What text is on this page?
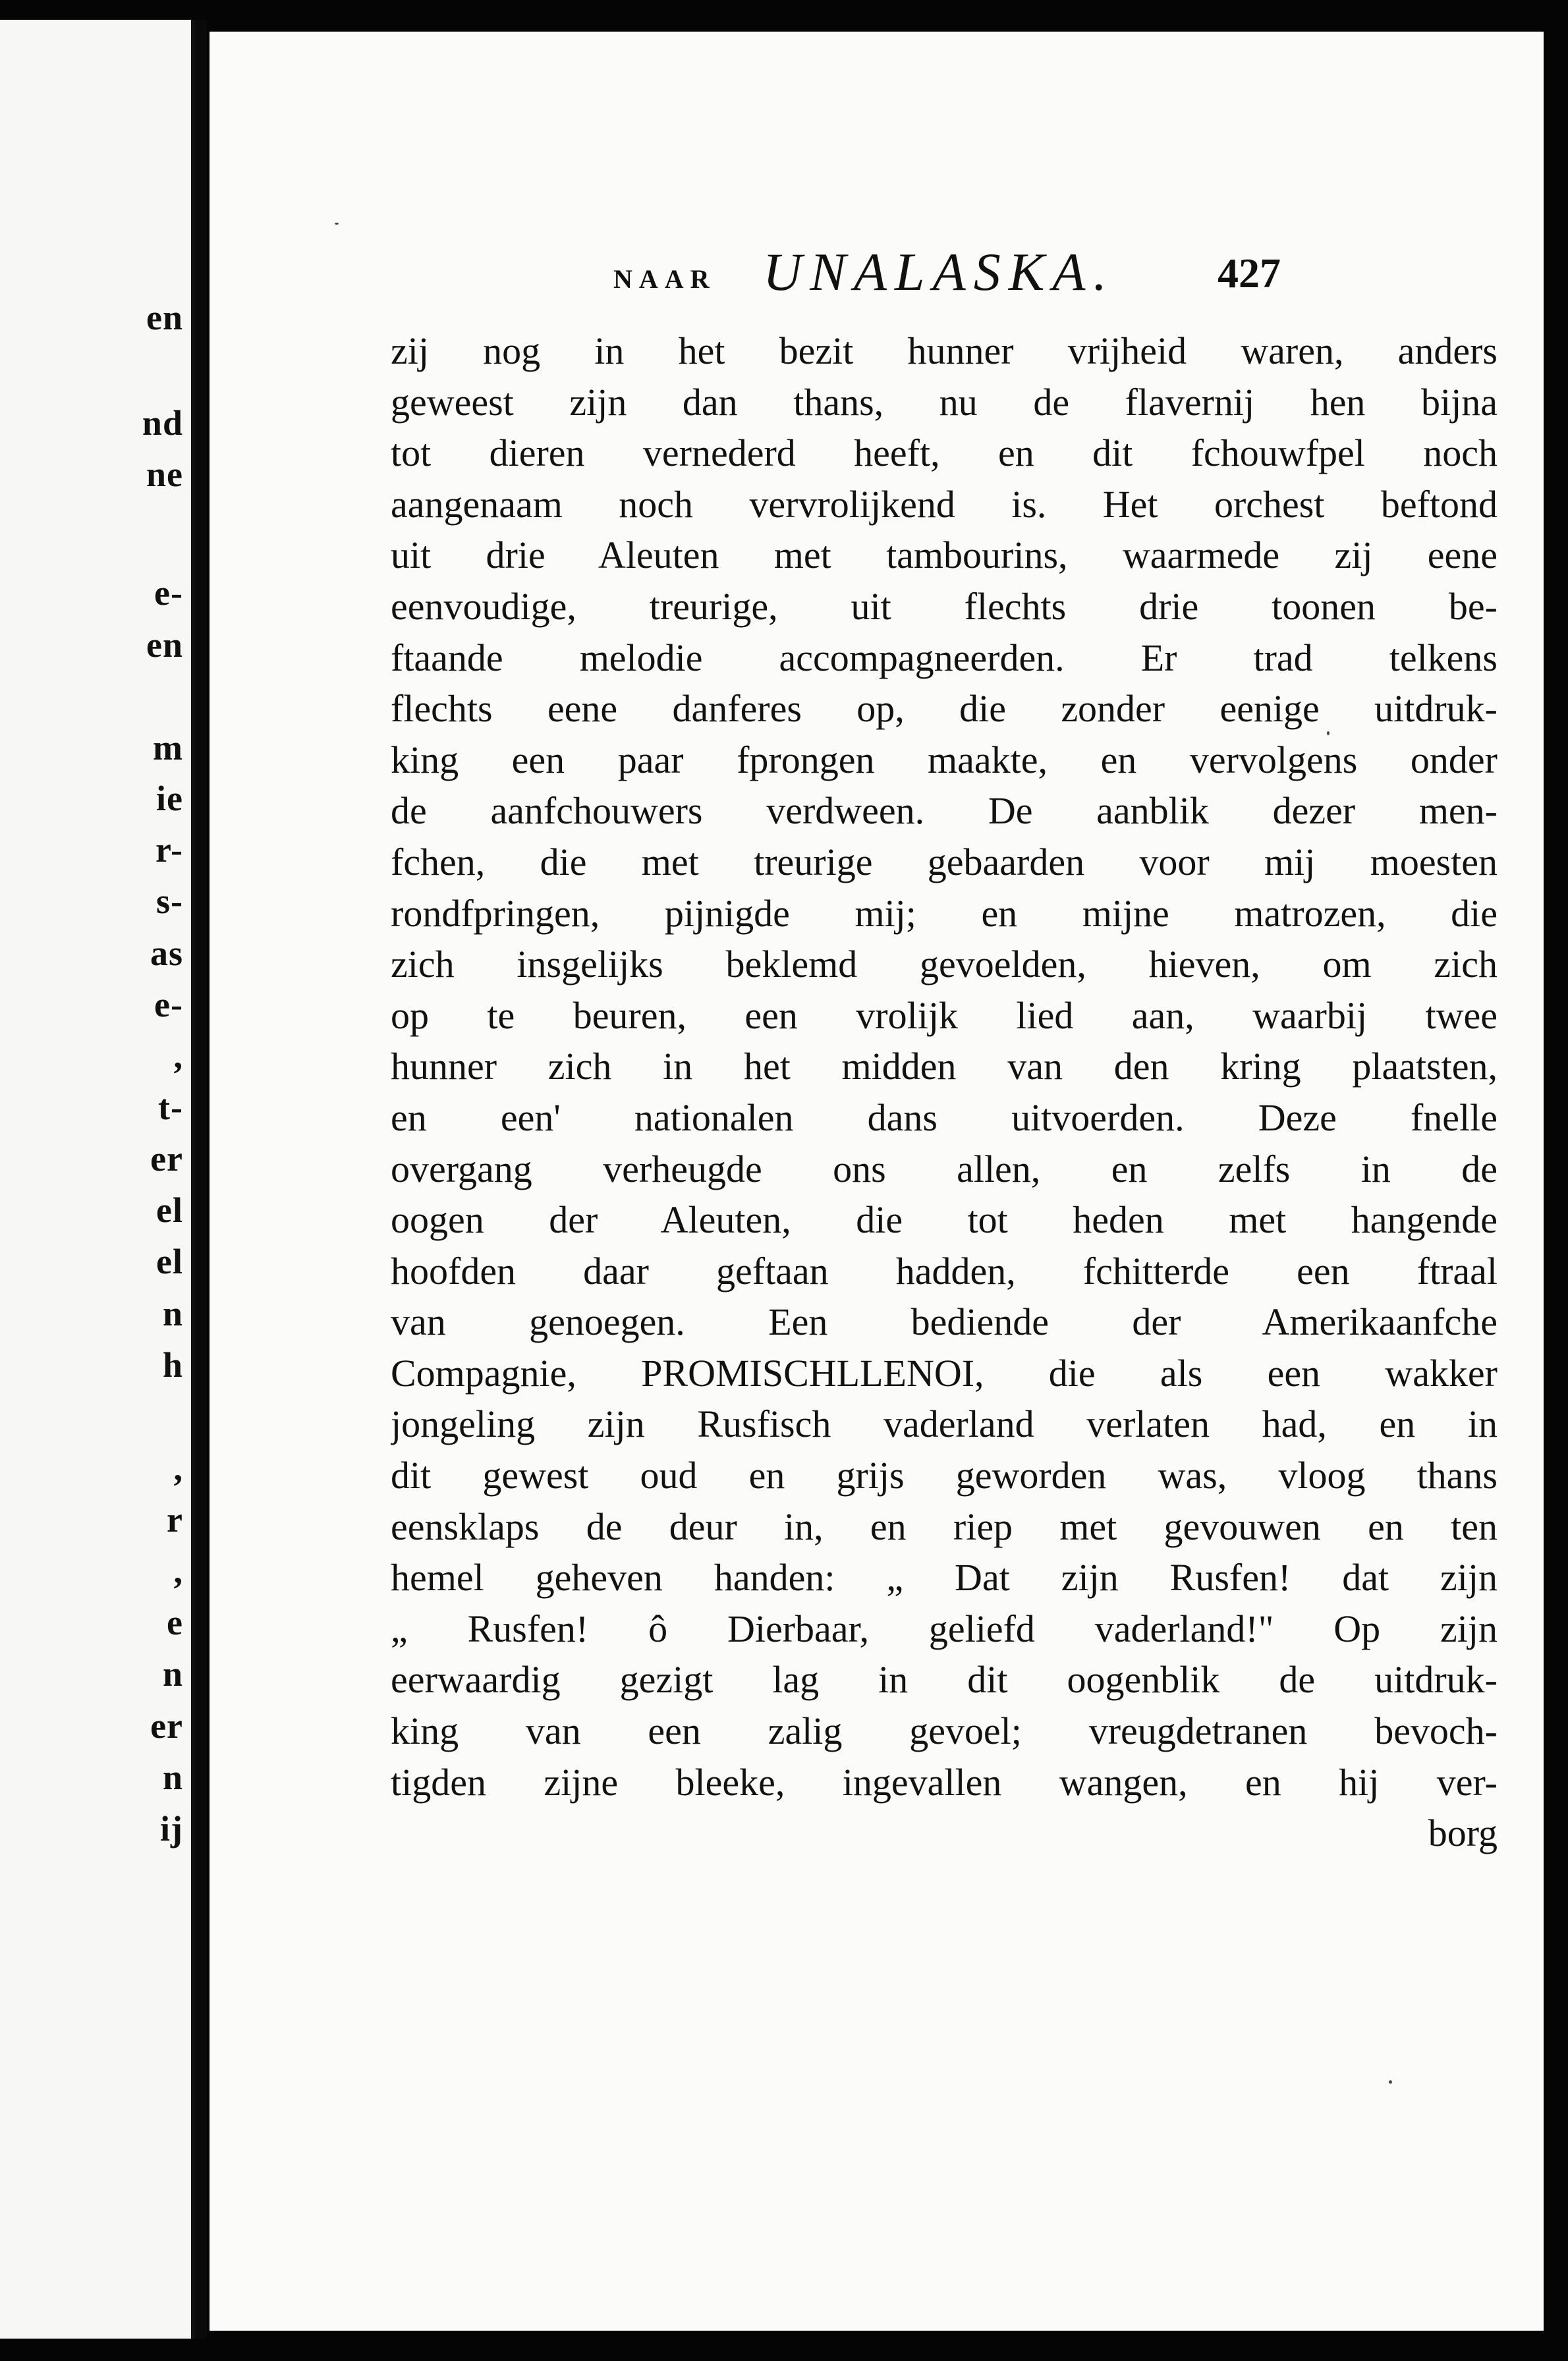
en
nd
ne
e-
en
m
ie
r-
s-
as
e-
,
t-
er
el
el
n
h
,
r
,
e
n
er
n
ij
NAAR UNALASKA. 427
zij nog in het bezit hunner vrijheid waren, anders
geweest zijn dan thans, nu de flavernij hen bijna
tot dieren vernederd heeft, en dit fchouwfpel noch
aangenaam noch vervrolijkend is. Het orchest beftond
uit drie Aleuten met tambourins, waarmede zij eene
eenvoudige, treurige, uit flechts drie toonen be-
ftaande melodie accompagneerden. Er trad telkens
flechts eene danferes op, die zonder eenige uitdruk-
king een paar fprongen maakte, en vervolgens onder
de aanfchouwers verdween. De aanblik dezer men-
fchen, die met treurige gebaarden voor mij moesten
rondfpringen, pijnigde mij; en mijne matrozen, die
zich insgelijks beklemd gevoelden, hieven, om zich
op te beuren, een vrolijk lied aan, waarbij twee
hunner zich in het midden van den kring plaatsten,
en een' nationalen dans uitvoerden. Deze fnelle
overgang verheugde ons allen, en zelfs in de
oogen der Aleuten, die tot heden met hangende
hoofden daar geftaan hadden, fchitterde een ftraal
van genoegen. Een bediende der Amerikaanfche
Compagnie, PROMISCHLLENOI, die als een wakker
jongeling zijn Rusfisch vaderland verlaten had, en in
dit gewest oud en grijs geworden was, vloog thans
eensklaps de deur in, en riep met gevouwen en ten
hemel geheven handen: „ Dat zijn Rusfen! dat zijn
„ Rusfen! ô Dierbaar, geliefd vaderland!" Op zijn
eerwaardig gezigt lag in dit oogenblik de uitdruk-
king van een zalig gevoel; vreugdetranen bevoch-
tigden zijne bleeke, ingevallen wangen, en hij ver-
borg
